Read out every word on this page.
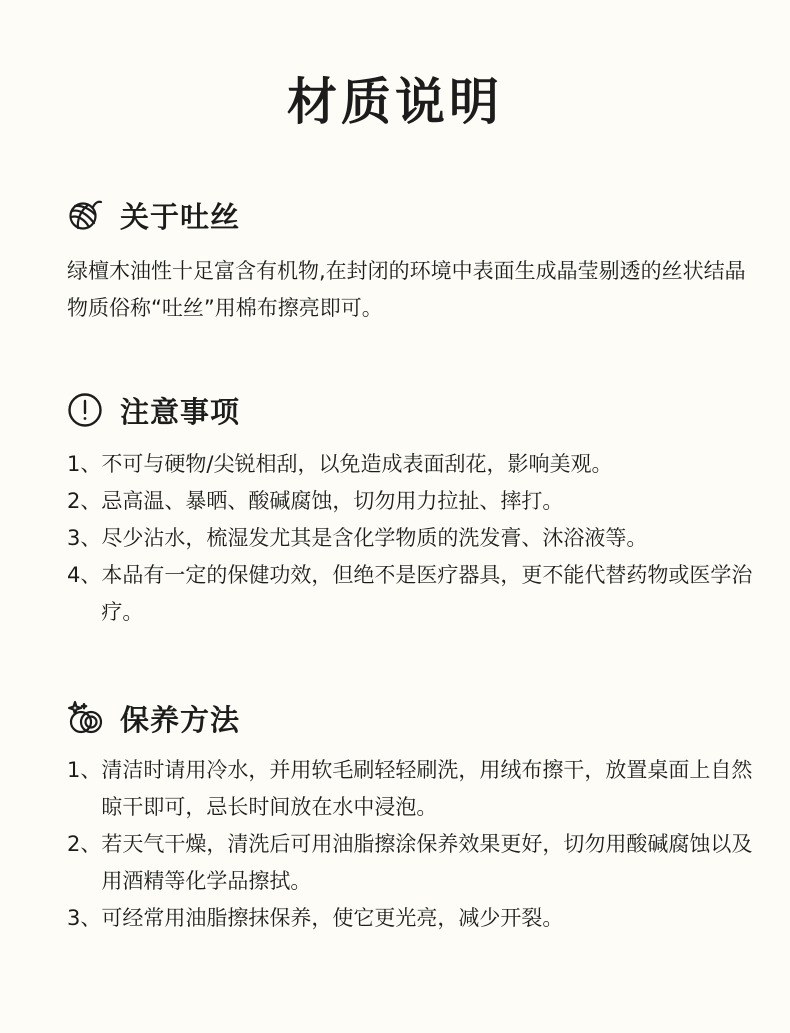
材质说明
关于吐丝
绿檀木油性十足富含有机物,在封闭的环境中表面生成晶莹剔透的丝状结晶物质俗称“吐丝”用棉布擦亮即可。
注意事项
1、 不可与硬物/尖锐相刮，以免造成表面刮花，影响美观。
2、 忌高温、暴晒、酸碱腐蚀，切勿用力拉扯、摔打。
3、 尽少沾水，梳湿发尤其是含化学物质的洗发膏、沐浴液等。
4、 本品有一定的保健功效，但绝不是医疗器具，更不能代替药物或医学治疗。
保养方法
1、 清洁时请用冷水，并用软毛刷轻轻刷洗，用绒布擦干，放置桌面上自然晾干即可，忌长时间放在水中浸泡。
2、 若天气干燥，清洗后可用油脂擦涂保养效果更好，切勿用酸碱腐蚀以及用酒精等化学品擦拭。
3、 可经常用油脂擦抹保养，使它更光亮，减少开裂。
